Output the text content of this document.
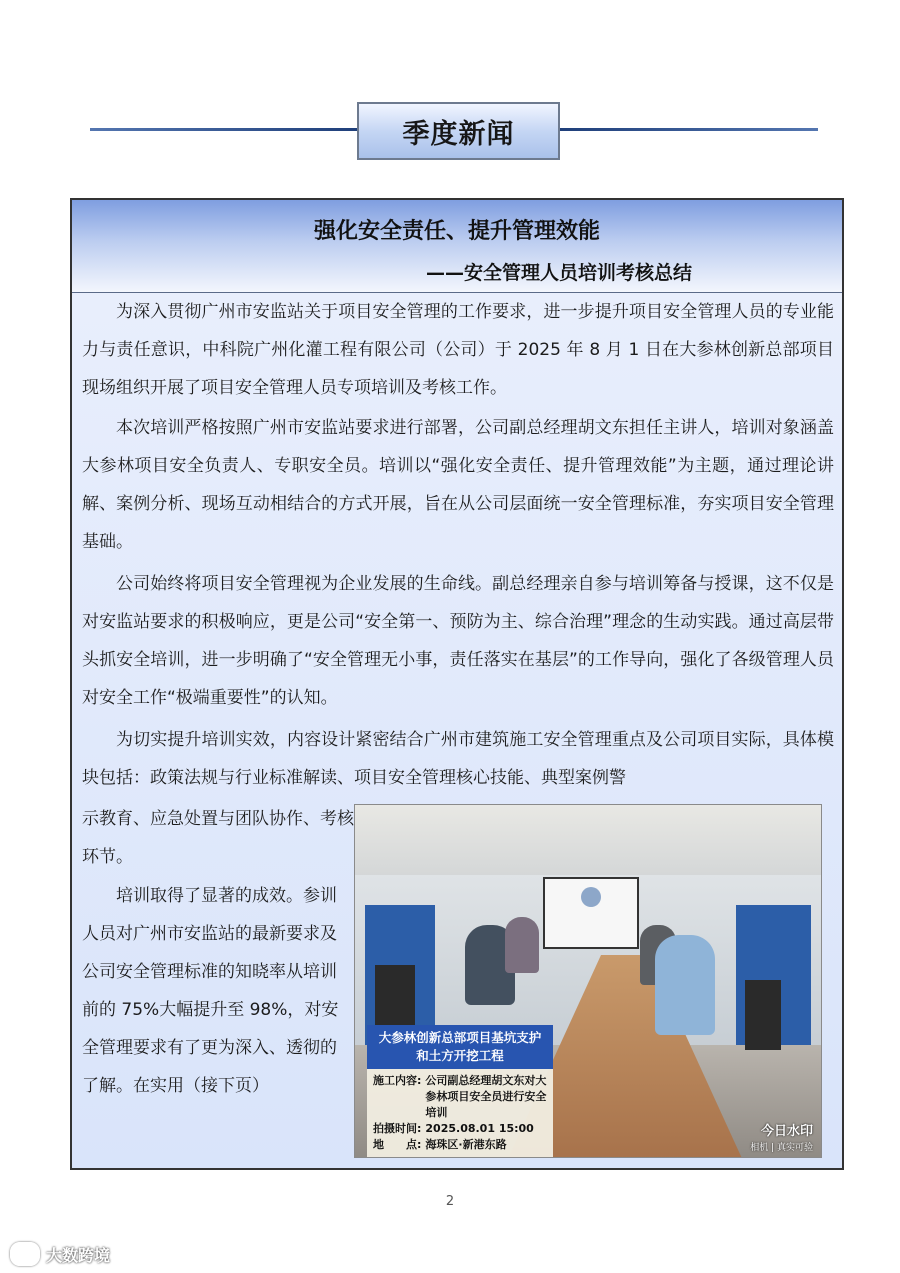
季度新闻
强化安全责任、提升管理效能
——安全管理人员培训考核总结
为深入贯彻广州市安监站关于项目安全管理的工作要求，进一步提升项目安全管理人员的专业能力与责任意识，中科院广州化灌工程有限公司（公司）于 2025 年 8 月 1 日在大参林创新总部项目现场组织开展了项目安全管理人员专项培训及考核工作。
本次培训严格按照广州市安监站要求进行部署，公司副总经理胡文东担任主讲人，培训对象涵盖大参林项目安全负责人、专职安全员。培训以“强化安全责任、提升管理效能”为主题，通过理论讲解、案例分析、现场互动相结合的方式开展，旨在从公司层面统一安全管理标准，夯实项目安全管理基础。
公司始终将项目安全管理视为企业发展的生命线。副总经理亲自参与培训筹备与授课，这不仅是对安监站要求的积极响应，更是公司“安全第一、预防为主、综合治理”理念的生动实践。通过高层带头抓安全培训，进一步明确了“安全管理无小事，责任落实在基层”的工作导向，强化了各级管理人员对安全工作“极端重要性”的认知。
为切实提升培训实效，内容设计紧密结合广州市建筑施工安全管理重点及公司项目实际，具体模块包括：政策法规与行业标准解读、项目安全管理核心技能、典型案例警
示教育、应急处置与团队协作、考核环节。
培训取得了显著的成效。参训人员对广州市安监站的最新要求及公司安全管理标准的知晓率从培训前的 75%大幅提升至 98%，对安全管理要求有了更为深入、透彻的了解。在实用（接下页）
大参林创新总部项目基坑支护和土方开挖工程
施工内容: 公司副总经理胡文东对大参林项目安全员进行安全培训
拍摄时间: 2025.08.01 15:00
地　　点: 海珠区·新港东路
今日水印
相机 | 真实可验
2
大数跨境
